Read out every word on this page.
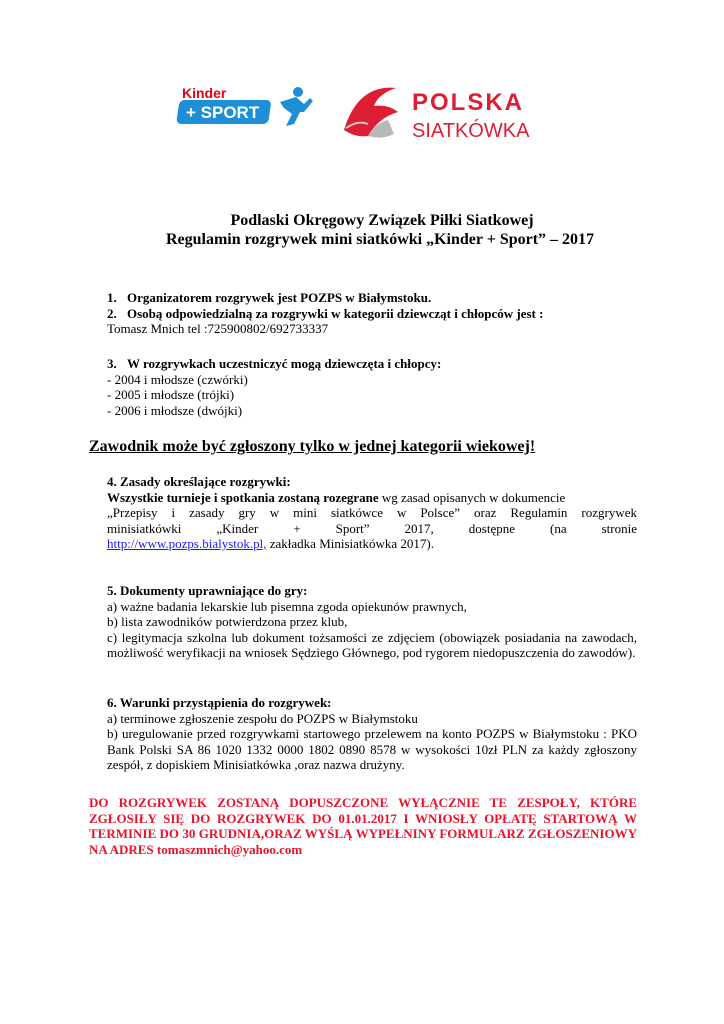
Kinder
+ SPORT	POLSKA
SIATKÓWKA
Podlaski Okręgowy Związek Piłki Siatkowej
Regulamin rozgrywek mini siatkówki „Kinder + Sport” – 2017
1. Organizatorem rozgrywek jest POZPS w Białymstoku.
2. Osobą odpowiedzialną za rozgrywki w kategorii dziewcząt i chłopców jest :
Tomasz Mnich tel :725900802/692733337
3. W rozgrywkach uczestniczyć mogą dziewczęta i chłopcy:
- 2004 i młodsze (czwórki)
- 2005 i młodsze (trójki)
- 2006 i młodsze (dwójki)
Zawodnik może być zgłoszony tylko w jednej kategorii wiekowej!
4. Zasady określające rozgrywki:
Wszystkie turnieje i spotkania zostaną rozegrane wg zasad opisanych w dokumencie
„Przepisy i zasady gry w mini siatkówce w Polsce” oraz Regulamin rozgrywek
minisiatkówki „Kinder + Sport” 2017, dostępne (na stronie
http://www.pozps.bialystok.pl, zakładka Minisiatkówka 2017).
5. Dokumenty uprawniające do gry:
a) ważne badania lekarskie lub pisemna zgoda opiekunów prawnych,
b) lista zawodników potwierdzona przez klub,
c) legitymacja szkolna lub dokument tożsamości ze zdjęciem (obowiązek posiadania na zawodach, możliwość weryfikacji na wniosek Sędziego Głównego, pod rygorem niedopuszczenia do zawodów).
6. Warunki przystąpienia do rozgrywek:
a) terminowe zgłoszenie zespołu do POZPS w Białymstoku
b) uregulowanie przed rozgrywkami startowego przelewem na konto POZPS w Białymstoku : PKO Bank Polski SA 86 1020 1332 0000 1802 0890 8578 w wysokości 10zł PLN za każdy zgłoszony zespół, z dopiskiem Minisiatkówka ,oraz nazwa drużyny.
DO ROZGRYWEK ZOSTANĄ DOPUSZCZONE WYŁĄCZNIE TE ZESPOŁY, KTÓRE ZGŁOSIŁY SIĘ DO ROZGRYWEK DO 01.01.2017 I WNIOSŁY OPŁATĘ STARTOWĄ W TERMINIE DO 30 GRUDNIA,ORAZ WYŚLĄ WYPEŁNINY FORMULARZ ZGŁOSZENIOWY NA ADRES tomaszmnich@yahoo.com
